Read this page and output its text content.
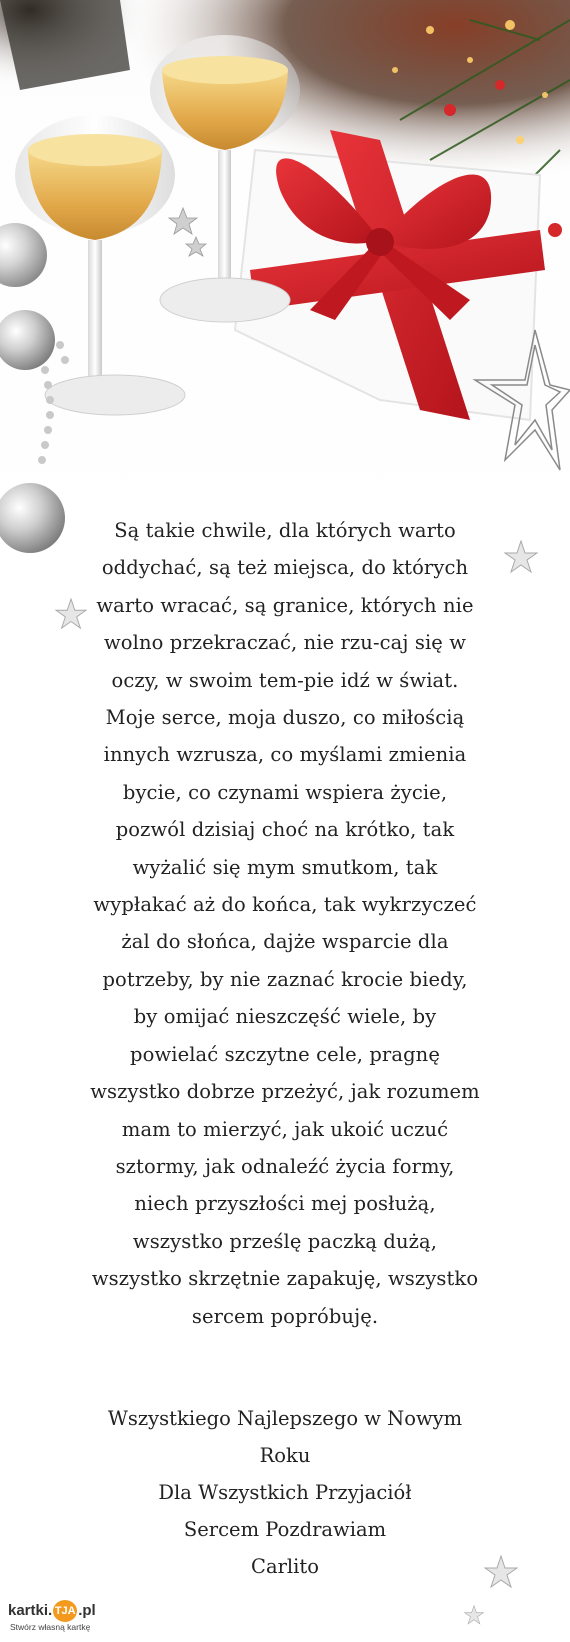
Są takie chwile, dla których warto oddychać, są też miejsca, do których warto wracać, są granice, których nie wolno przekraczać, nie rzu-caj się w oczy, w swoim tem-pie idź w świat. Moje serce, moja duszo, co miłością innych wzrusza, co myślami zmienia bycie, co czynami wspiera życie, pozwól dzisiaj choć na krótko, tak wyżalić się mym smutkom, tak wypłakać aż do końca, tak wykrzyczeć żal do słońca, dajże wsparcie dla potrzeby, by nie zaznać krocie biedy, by omijać nieszczęść wiele, by powielać szczytne cele, pragnę wszystko dobrze przeżyć, jak rozumem mam to mierzyć, jak ukoić uczuć sztormy, jak odnaleźć życia formy, niech przyszłości mej posłużą, wszystko prześlę paczką dużą, wszystko skrzętnie zapakuję, wszystko sercem popróbuję.

Wszystkiego Najlepszego w Nowym
Roku
Dla Wszystkich Przyjaciół
Sercem Pozdrawiam
Carlito
kartki. TJA .pl
Stwórz własną kartkę
